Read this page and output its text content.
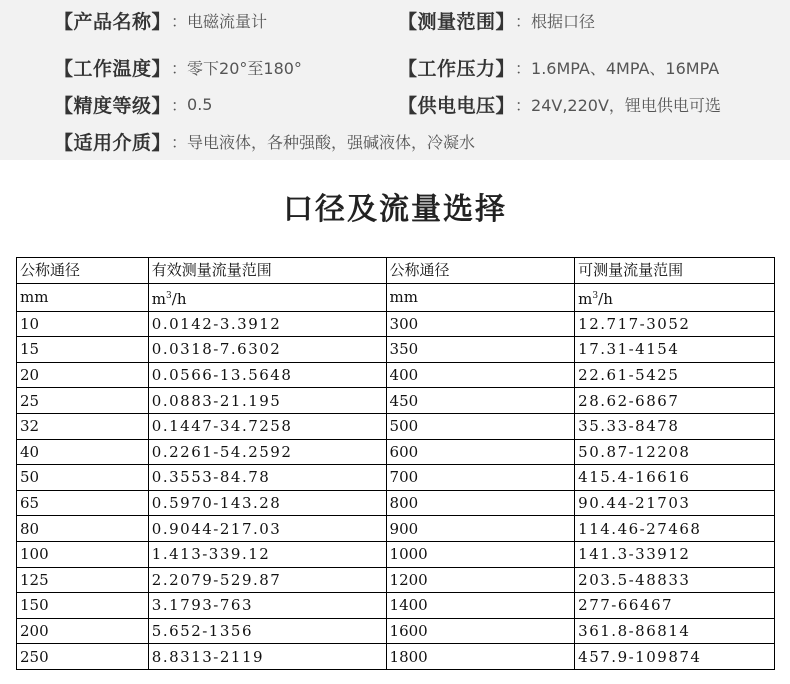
【产品名称】 ： 电磁流量计	【测量范围】 ： 根据口径
【工作温度】 ： 零下20°至180°	【工作压力】 ： 1.6MPA、4MPA、16MPA
【精度等级】 ： 0.5	【供电电压】 ： 24V,220V，锂电供电可选
【适用介质】 ： 导电液体，各种强酸，强碱液体，冷凝水
口径及流量选择
公称通径	有效测量流量范围	公称通径	可测量流量范围
mm	$m^3/h$	mm	$m^3/h$
10	0.0142-3.3912	300	12.717-3052
15	0.0318-7.6302	350	17.31-4154
20	0.0566-13.5648	400	22.61-5425
25	0.0883-21.195	450	28.62-6867
32	0.1447-34.7258	500	35.33-8478
40	0.2261-54.2592	600	50.87-12208
50	0.3553-84.78	700	415.4-16616
65	0.5970-143.28	800	90.44-21703
80	0.9044-217.03	900	114.46-27468
100	1.413-339.12	1000	141.3-33912
125	2.2079-529.87	1200	203.5-48833
150	3.1793-763	1400	277-66467
200	5.652-1356	1600	361.8-86814
250	8.8313-2119	1800	457.9-109874
